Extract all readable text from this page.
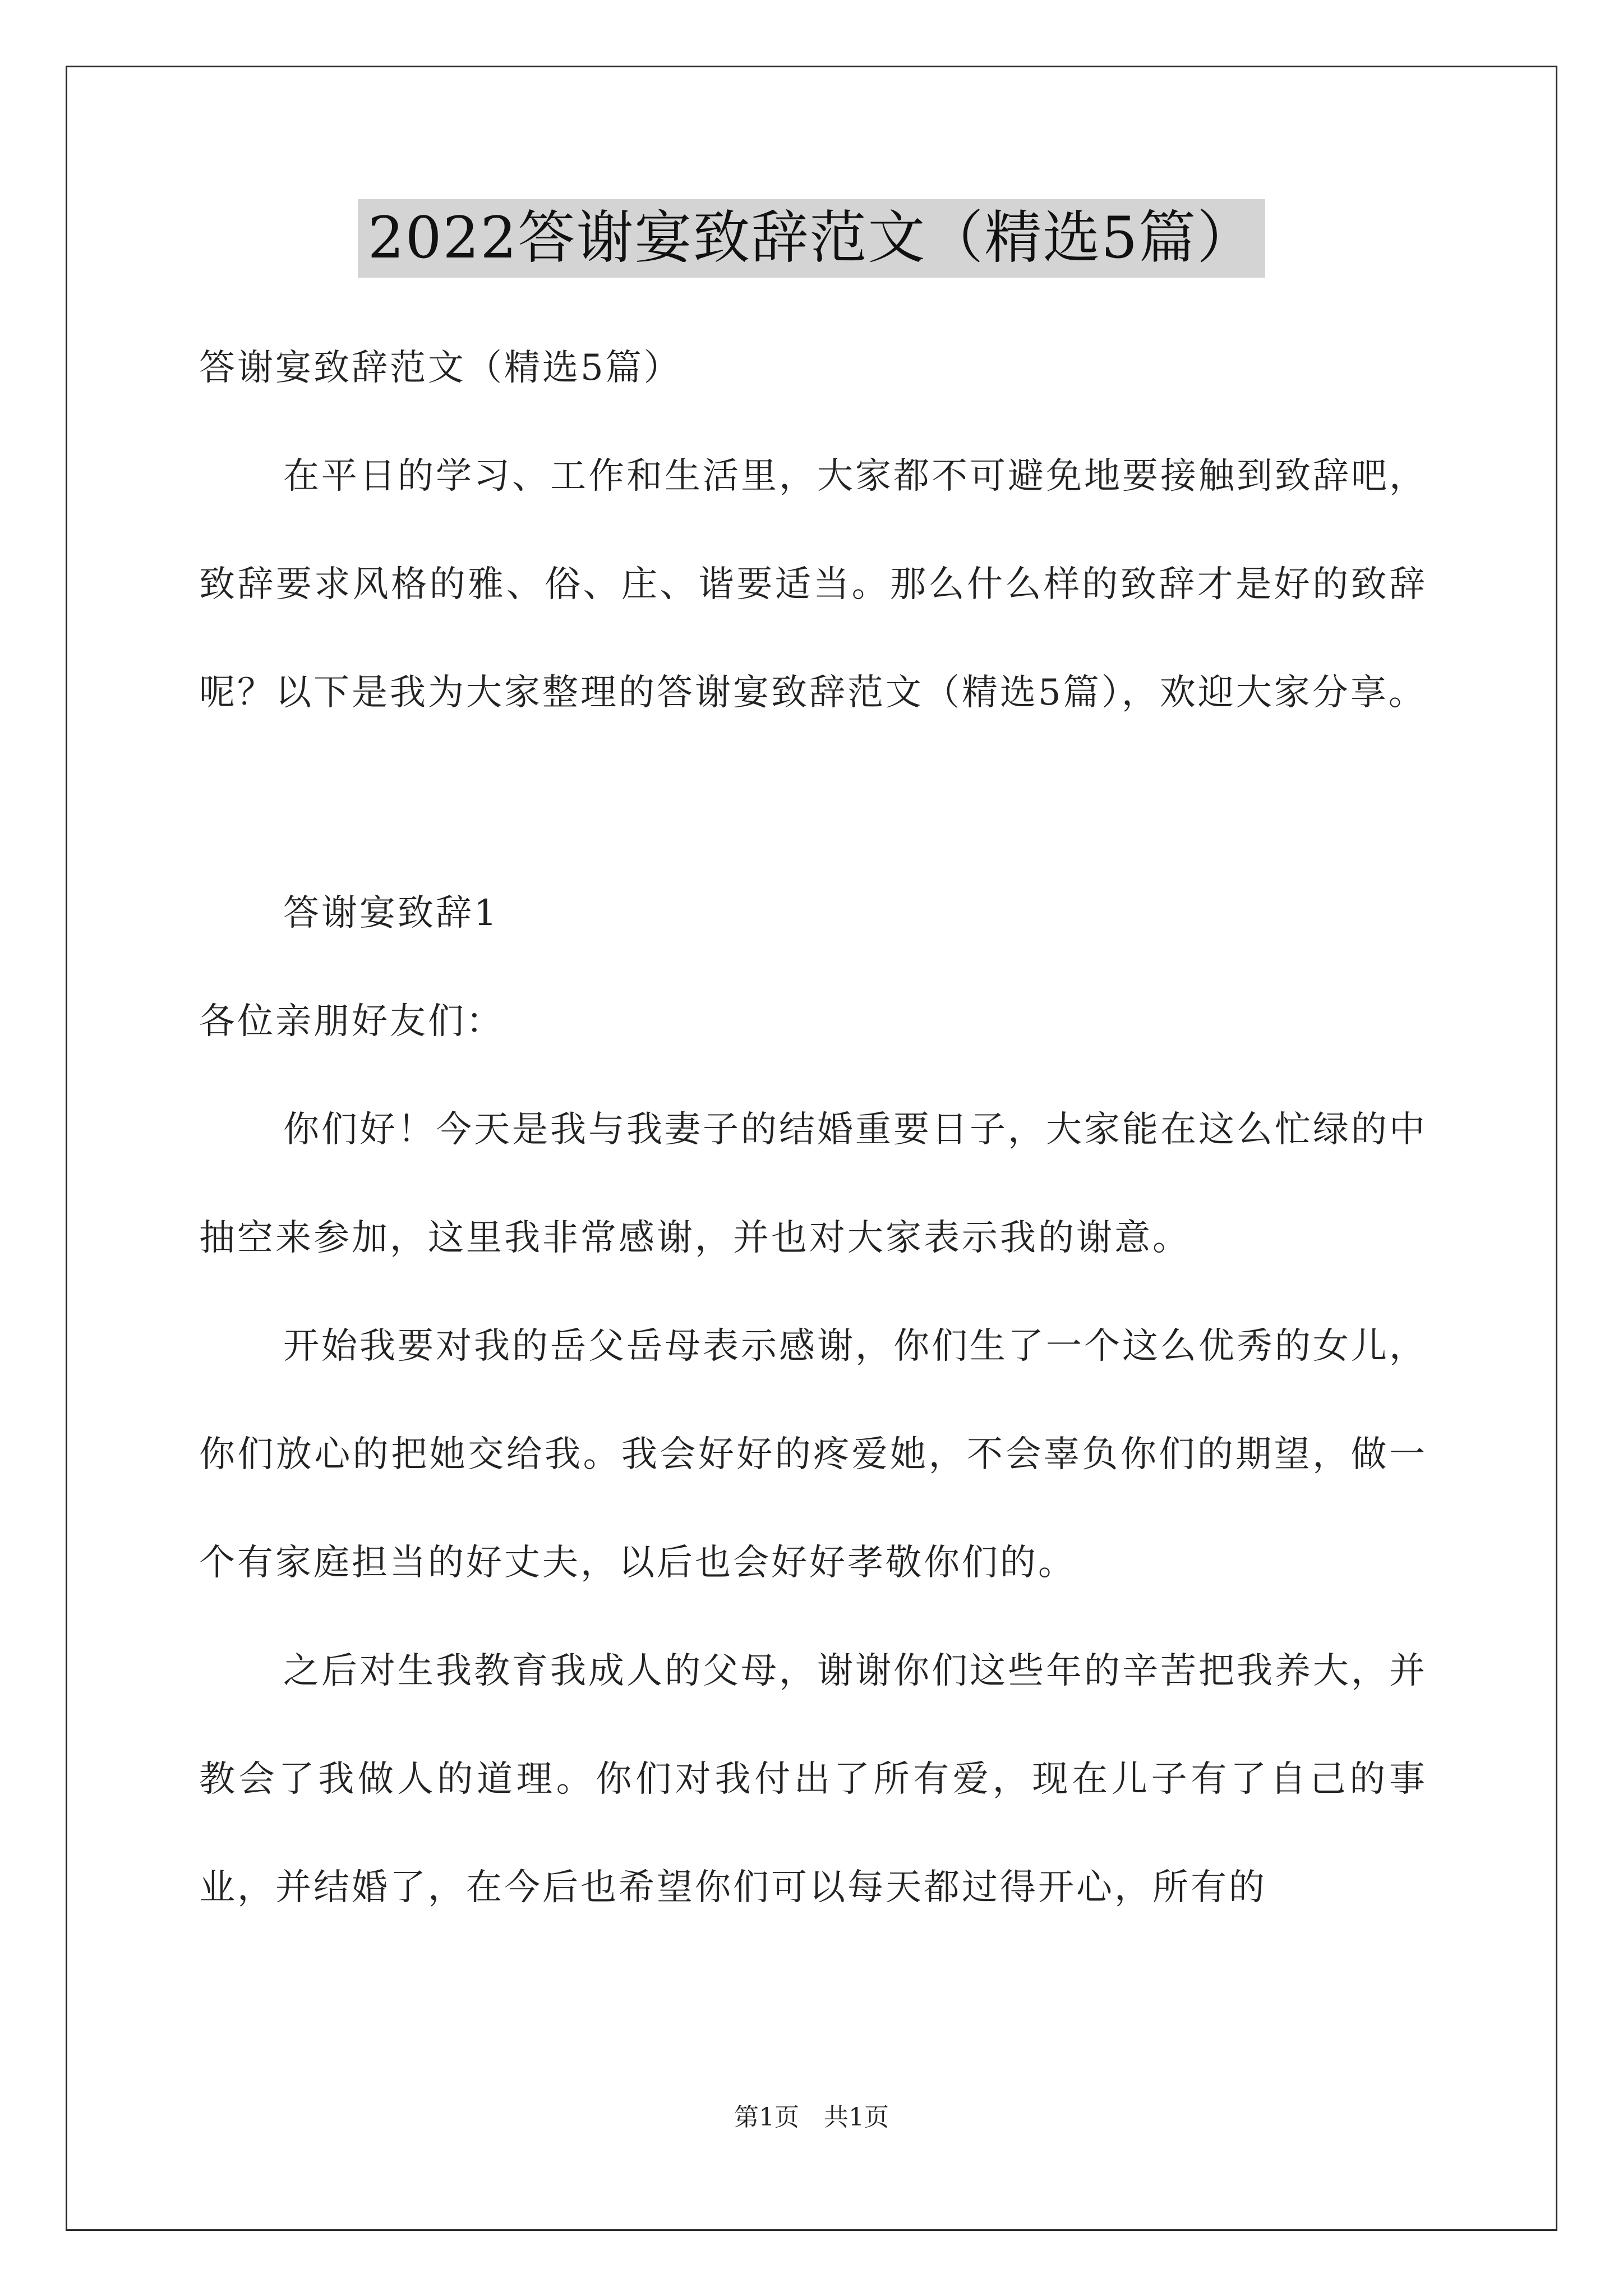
2022答谢宴致辞范文（精选5篇）

答谢宴致辞范文（精选5篇）

在平日的学习、工作和生活里，大家都不可避免地要接触到致辞吧，致辞要求风格的雅、俗、庄、谐要适当。那么什么样的致辞才是好的致辞呢？以下是我为大家整理的答谢宴致辞范文（精选5篇），欢迎大家分享。

答谢宴致辞1

各位亲朋好友们：

你们好！今天是我与我妻子的结婚重要日子，大家能在这么忙绿的中抽空来参加，这里我非常感谢，并也对大家表示我的谢意。

开始我要对我的岳父岳母表示感谢，你们生了一个这么优秀的女儿，你们放心的把她交给我。我会好好的疼爱她，不会辜负你们的期望，做一个有家庭担当的好丈夫，以后也会好好孝敬你们的。

之后对生我教育我成人的父母，谢谢你们这些年的辛苦把我养大，并教会了我做人的道理。你们对我付出了所有爱，现在儿子有了自己的事业，并结婚了，在今后也希望你们可以每天都过得开心，所有的

第1页　共1页
